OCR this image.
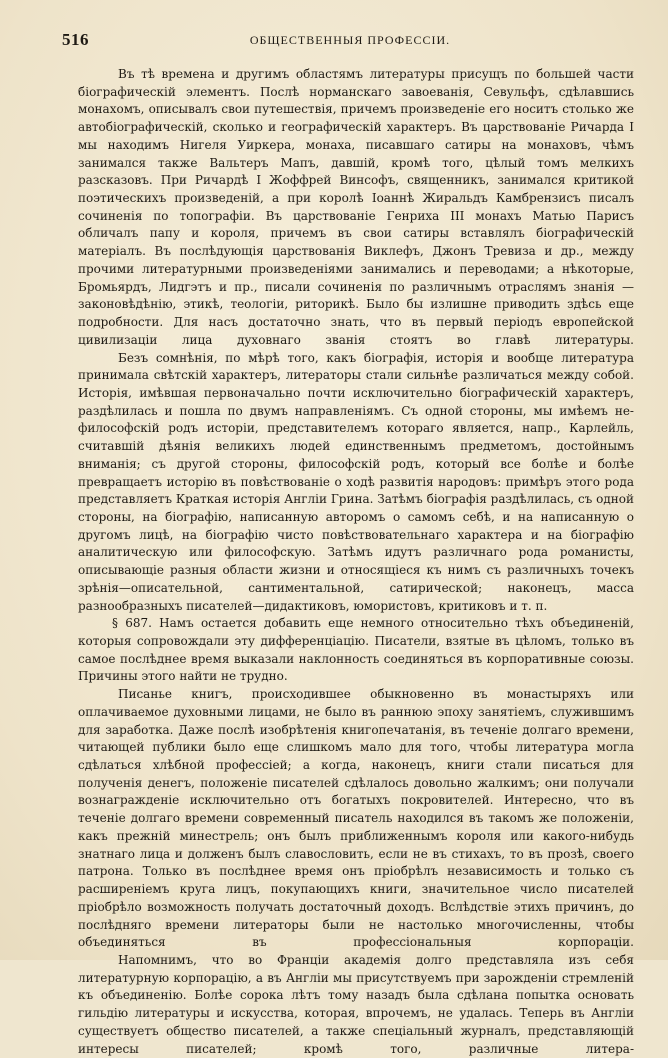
516	ОБЩЕСТВЕННЫЯ ПРОФЕССІИ.

Въ тѣ времена и другимъ областямъ литературы присущъ по большей части біографическій элементъ. Послѣ норманскаго завоеванія, Севульфъ, сдѣлавшись монахомъ, описывалъ свои путешествія, причемъ произведеніе его носитъ столько же автобіографическій, сколько и географическій характеръ. Въ царствованіе Ричарда I мы находимъ Нигеля Уиркера, монаха, писавшаго сатиры на монаховъ, чѣмъ занимался также Вальтеръ Мапъ, давшій, кромѣ того, цѣлый томъ мелкихъ разсказовъ. При Ричардѣ I Жоффрей Винсофъ, священникъ, занимался критикой поэтическихъ произведеній, а при королѣ Іоаннѣ Жиральдъ Камбрензисъ писалъ сочиненія по топографіи. Въ царствованіе Генриха III монахъ Матью Парисъ обличалъ папу и короля, причемъ въ свои сатиры вставлялъ біографическій матеріалъ. Въ послѣдующія царствованія Виклефъ, Джонъ Тревиза и др., между прочими литературными произведеніями занимались и переводами; а нѣкоторые, Бромьярдъ, Лидгэтъ и пр., писали сочиненія по различнымъ отраслямъ знанія — законовѣдѣнію, этикѣ, теологіи, риторикѣ. Было бы излишне приводить здѣсь еще подробности. Для насъ достаточно знать, что въ первый періодъ европейской цивилизаціи лица духовнаго званія стоятъ во главѣ литературы.

Безъ сомнѣнія, по мѣрѣ того, какъ біографія, исторія и вообще литература принимала свѣтскій характеръ, литераторы стали сильнѣе различаться между собой. Исторія, имѣвшая первоначально почти исключительно біографическій характеръ, раздѣлилась и пошла по двумъ направленіямъ. Съ одной стороны, мы имѣемъ не-философскій родъ исторіи, представителемъ котораго является, напр., Карлейль, считавшій дѣянія великихъ людей единственнымъ предметомъ, достойнымъ вниманія; съ другой стороны, философскій родъ, который все болѣе и болѣе превращаетъ исторію въ повѣствованіе о ходѣ развитія народовъ: примѣръ этого рода представляетъ Краткая исторія Англіи Грина. Затѣмъ біографія раздѣлилась, съ одной стороны, на біографію, написанную авторомъ о самомъ себѣ, и на написанную о другомъ лицѣ, на біографію чисто повѣствовательнаго характера и на біографію аналитическую или философскую. Затѣмъ идутъ различнаго рода романисты, описывающіе разныя области жизни и относящіеся къ нимъ съ различныхъ точекъ зрѣнія—описательной, сантиментальной, сатирической; наконецъ, масса разнообразныхъ писателей—дидактиковъ, юмористовъ, критиковъ и т. п.

§ 687. Намъ остается добавить еще немного относительно тѣхъ объединеній, которыя сопровождали эту дифференціацію. Писатели, взятые въ цѣломъ, только въ самое послѣднее время выказали наклонность соединяться въ корпоративные союзы. Причины этого найти не трудно.

Писанье книгъ, происходившее обыкновенно въ монастыряхъ или оплачиваемое духовными лицами, не было въ раннюю эпоху занятіемъ, служившимъ для заработка. Даже послѣ изобрѣтенія книгопечатанія, въ теченіе долгаго времени, читающей публики было еще слишкомъ мало для того, чтобы литература могла сдѣлаться хлѣбной профессіей; а когда, наконецъ, книги стали писаться для полученія денегъ, положеніе писателей сдѣлалось довольно жалкимъ; они получали вознагражденіе исключительно отъ богатыхъ покровителей. Интересно, что въ теченіе долгаго времени современный писатель находился въ такомъ же положеніи, какъ прежній минестрель; онъ былъ приближеннымъ короля или какого-нибудь знатнаго лица и долженъ былъ славословить, если не въ стихахъ, то въ прозѣ, своего патрона. Только въ послѣднее время онъ пріобрѣлъ независимость и только съ расширеніемъ круга лицъ, покупающихъ книги, значительное число писателей пріобрѣло возможность получать достаточный доходъ. Вслѣдствіе этихъ причинъ, до послѣдняго времени литераторы были не настолько многочисленны, чтобы объединяться въ профессіональныя корпораціи.

Напомнимъ, что во Франціи академія долго представляла изъ себя литературную корпорацію, а въ Англіи мы присутствуемъ при зарожденіи стремленій къ объединенію. Болѣе сорока лѣтъ тому назадъ была сдѣлана попытка основать гильдію литературы и искусства, которая, впрочемъ, не удалась. Теперь въ Англіи существуетъ общество писателей, а также спеціальный журналъ, представляющій интересы писателей; кромѣ того, различные литера-
